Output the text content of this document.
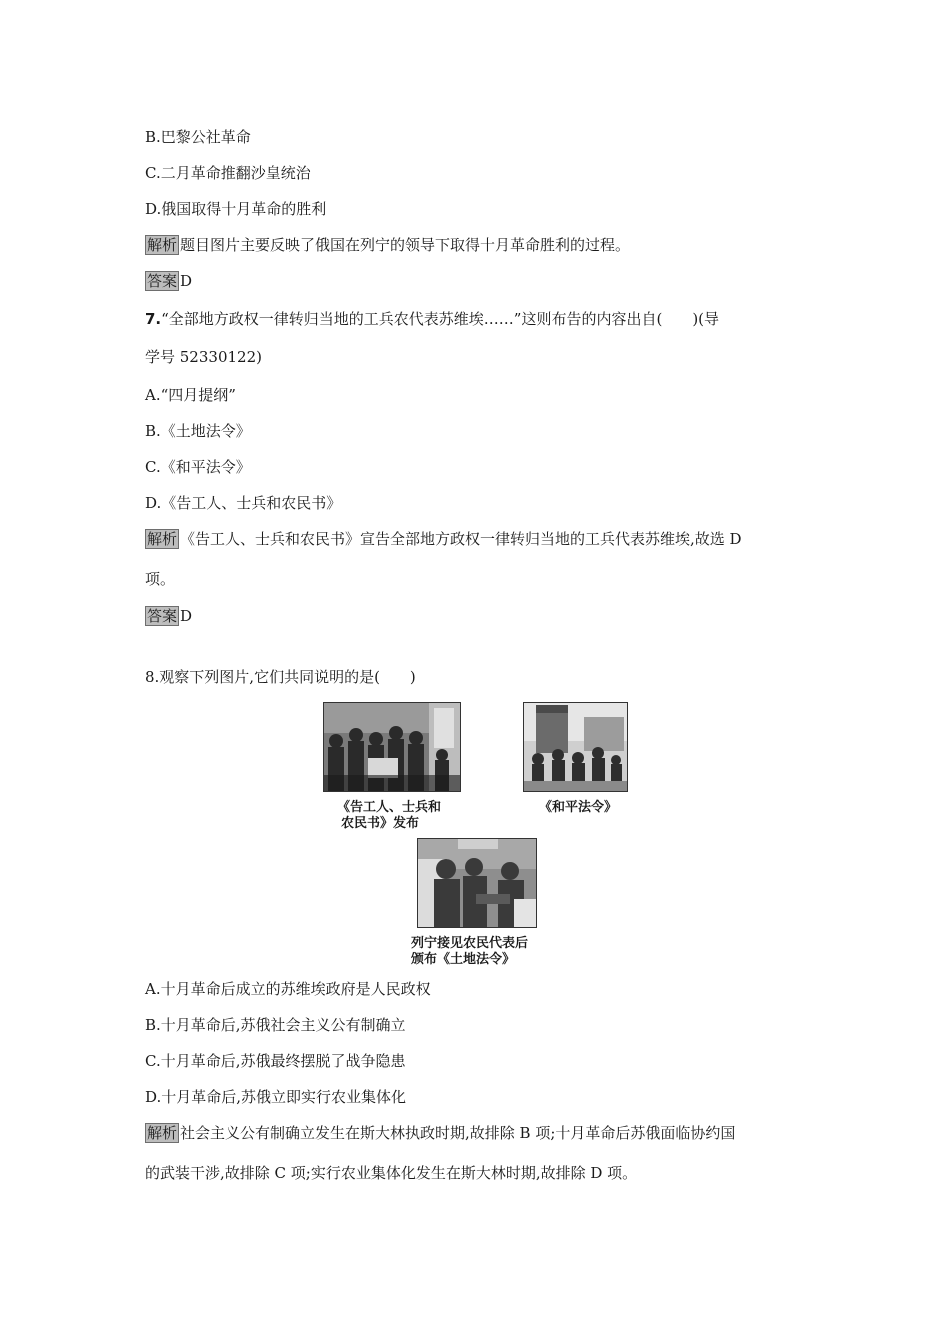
B.巴黎公社革命
C.二月革命推翻沙皇统治
D.俄国取得十月革命的胜利
解析 题目图片主要反映了俄国在列宁的领导下取得十月革命胜利的过程。
答案 D
7.“全部地方政权一律转归当地的工兵农代表苏维埃……”这则布告的内容出自(　　)(导
学号 52330122)
A.“四月提纲”
B.《土地法令》
C.《和平法令》
D.《告工人、士兵和农民书》
解析 《告工人、士兵和农民书》宣告全部地方政权一律转归当地的工兵代表苏维埃,故选 D
项。
答案 D
8.观察下列图片,它们共同说明的是(　　)
《告工人、士兵和
农民书》发布
《和平法令》
列宁接见农民代表后
颁布《土地法令》
A.十月革命后成立的苏维埃政府是人民政权
B.十月革命后,苏俄社会主义公有制确立
C.十月革命后,苏俄最终摆脱了战争隐患
D.十月革命后,苏俄立即实行农业集体化
解析 社会主义公有制确立发生在斯大林执政时期,故排除 B 项;十月革命后苏俄面临协约国
的武装干涉,故排除 C 项;实行农业集体化发生在斯大林时期,故排除 D 项。
